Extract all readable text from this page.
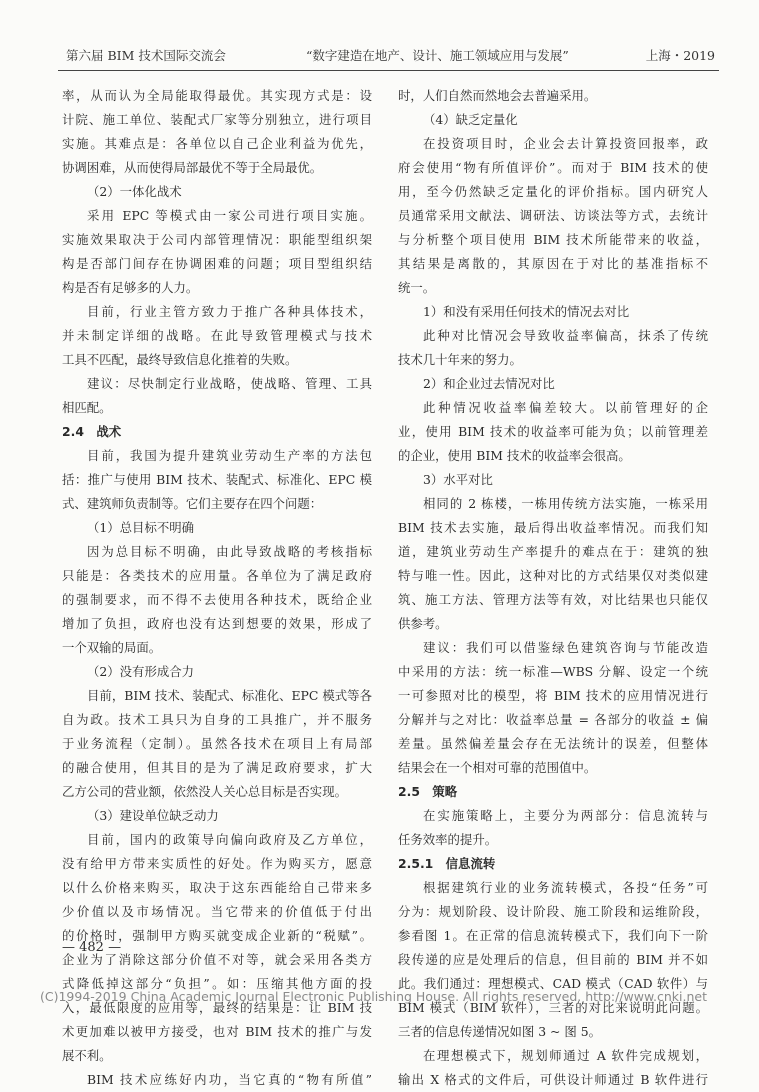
第六届 BIM 技术国际交流会	“数字建造在地产、设计、施工领域应用与发展”	上海・2019
率，从而认为全局能取得最优。其实现方式是：设
计院、施工单位、装配式厂家等分别独立，进行项目
实施。其难点是：各单位以自己企业利益为优先，
协调困难，从而使得局部最优不等于全局最优。
（2）一体化战术
采用 EPC 等模式由一家公司进行项目实施。
实施效果取决于公司内部管理情况：职能型组织架
构是否部门间存在协调困难的问题；项目型组织结
构是否有足够多的人力。
目前，行业主管方致力于推广各种具体技术，
并未制定详细的战略。在此导致管理模式与技术
工具不匹配，最终导致信息化推着的失败。
建议：尽快制定行业战略，使战略、管理、工具
相匹配。
2.4　战术
目前，我国为提升建筑业劳动生产率的方法包
括：推广与使用 BIM 技术、装配式、标准化、EPC 模
式、建筑师负责制等。它们主要存在四个问题：
（1）总目标不明确
因为总目标不明确，由此导致战略的考核指标
只能是：各类技术的应用量。各单位为了满足政府
的强制要求，而不得不去使用各种技术，既给企业
增加了负担，政府也没有达到想要的效果，形成了
一个双输的局面。
（2）没有形成合力
目前，BIM 技术、装配式、标准化、EPC 模式等各
自为政。技术工具只为自身的工具推广，并不服务
于业务流程（定制）。虽然各技术在项目上有局部
的融合使用，但其目的是为了满足政府要求，扩大
乙方公司的营业额，依然没人关心总目标是否实现。
（3）建设单位缺乏动力
目前，国内的政策导向偏向政府及乙方单位，
没有给甲方带来实质性的好处。作为购买方，愿意
以什么价格来购买，取决于这东西能给自己带来多
少价值以及市场情况。当它带来的价值低于付出
的价格时，强制甲方购买就变成企业新的“税赋”。
企业为了消除这部分价值不对等，就会采用各类方
式降低掉这部分“负担”。如：压缩其他方面的投
入，最低限度的应用等，最终的结果是：让 BIM 技
术更加难以被甲方接受，也对 BIM 技术的推广与发
展不利。
BIM 技术应练好内功，当它真的“物有所值”
时，人们自然而然地会去普遍采用。
（4）缺乏定量化
在投资项目时，企业会去计算投资回报率，政
府会使用“物有所值评价”。而对于 BIM 技术的使
用，至今仍然缺乏定量化的评价指标。国内研究人
员通常采用文献法、调研法、访谈法等方式，去统计
与分析整个项目使用 BIM 技术所能带来的收益，
其结果是离散的，其原因在于对比的基准指标不
统一。
1）和没有采用任何技术的情况去对比
此种对比情况会导致收益率偏高，抹杀了传统
技术几十年来的努力。
2）和企业过去情况对比
此种情况收益率偏差较大。以前管理好的企
业，使用 BIM 技术的收益率可能为负；以前管理差
的企业，使用 BIM 技术的收益率会很高。
3）水平对比
相同的 2 栋楼，一栋用传统方法实施，一栋采用
BIM 技术去实施，最后得出收益率情况。而我们知
道，建筑业劳动生产率提升的难点在于：建筑的独
特与唯一性。因此，这种对比的方式结果仅对类似建
筑、施工方法、管理方法等有效，对比结果也只能仅
供参考。
建议：我们可以借鉴绿色建筑咨询与节能改造
中采用的方法：统一标准—WBS 分解、设定一个统
一可参照对比的模型，将 BIM 技术的应用情况进行
分解并与之对比：收益率总量 = 各部分的收益 ± 偏
差量。虽然偏差量会存在无法统计的误差，但整体
结果会在一个相对可靠的范围值中。
2.5　策略
在实施策略上，主要分为两部分：信息流转与
任务效率的提升。
2.5.1　信息流转
根据建筑行业的业务流转模式，各投“任务”可
分为：规划阶段、设计阶段、施工阶段和运维阶段，
参看图 1。在正常的信息流转模式下，我们向下一阶
段传递的应是处理后的信息，但目前的 BIM 并不如
此。我们通过：理想模式、CAD 模式（CAD 软件）与
BIM 模式（BIM 软件），三者的对比来说明此问题。
三者的信息传递情况如图 3 ~ 图 5。
在理想模式下，规划师通过 A 软件完成规划，
输出 X 格式的文件后，可供设计师通过 B 软件进行
— 482 —
(C)1994-2019 China Academic Journal Electronic Publishing House. All rights reserved. http://www.cnki.net
